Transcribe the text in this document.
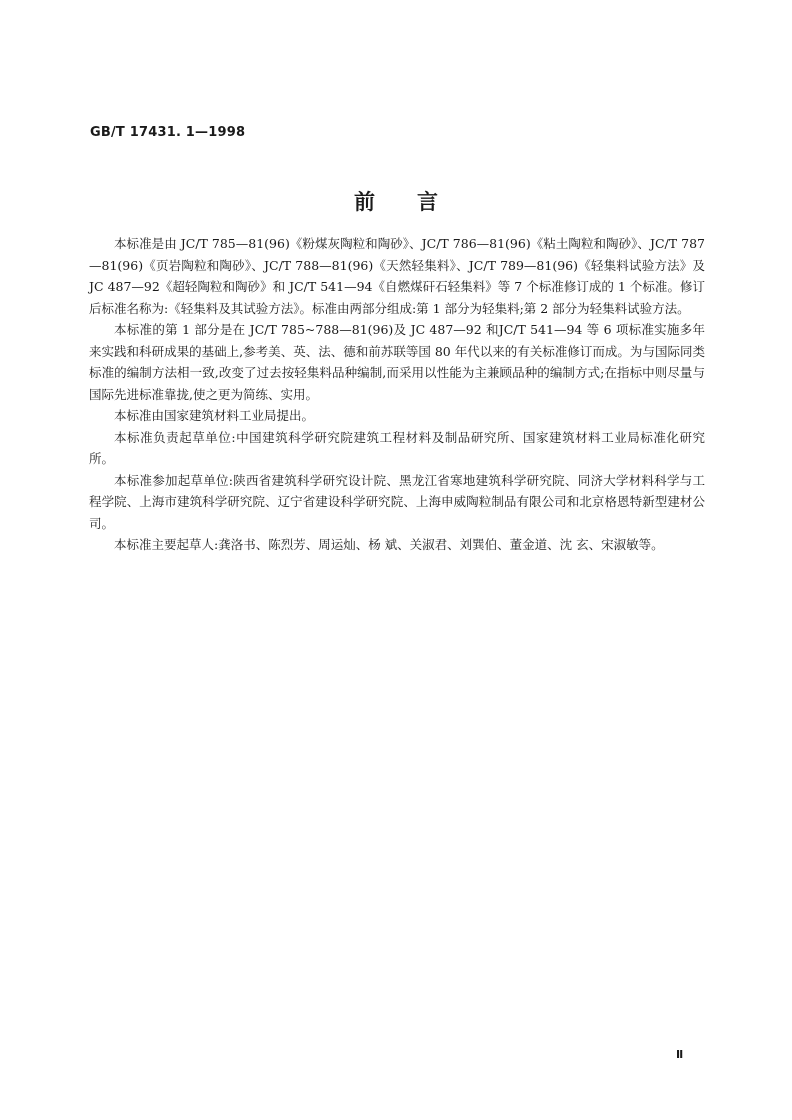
GB/T 17431. 1—1998
前言

本标准是由 JC/T 785—81(96)《粉煤灰陶粒和陶砂》、JC/T 786—81(96)《粘土陶粒和陶砂》、JC/T 787—81(96)《页岩陶粒和陶砂》、JC/T 788—81(96)《天然轻集料》、JC/T 789—81(96)《轻集料试验方法》及 JC 487—92《超轻陶粒和陶砂》和 JC/T 541—94《自燃煤矸石轻集料》等 7 个标准修订成的 1 个标准。修订后标准名称为:《轻集料及其试验方法》。标准由两部分组成:第 1 部分为轻集料;第 2 部分为轻集料试验方法。

本标准的第 1 部分是在 JC/T 785~788—81(96)及 JC 487—92 和JC/T 541—94 等 6 项标准实施多年来实践和科研成果的基础上,参考美、英、法、德和前苏联等国 80 年代以来的有关标准修订而成。为与国际同类标准的编制方法相一致,改变了过去按轻集料品种编制,而采用以性能为主兼顾品种的编制方式;在指标中则尽量与国际先进标准靠拢,使之更为简练、实用。

本标准由国家建筑材料工业局提出。

本标准负责起草单位:中国建筑科学研究院建筑工程材料及制品研究所、国家建筑材料工业局标准化研究所。

本标准参加起草单位:陕西省建筑科学研究设计院、黑龙江省寒地建筑科学研究院、同济大学材料科学与工程学院、上海市建筑科学研究院、辽宁省建设科学研究院、上海申威陶粒制品有限公司和北京格恩特新型建材公司。

本标准主要起草人:龚洛书、陈烈芳、周运灿、杨 斌、关淑君、刘巽伯、董金道、沈 玄、宋淑敏等。

Ⅱ
